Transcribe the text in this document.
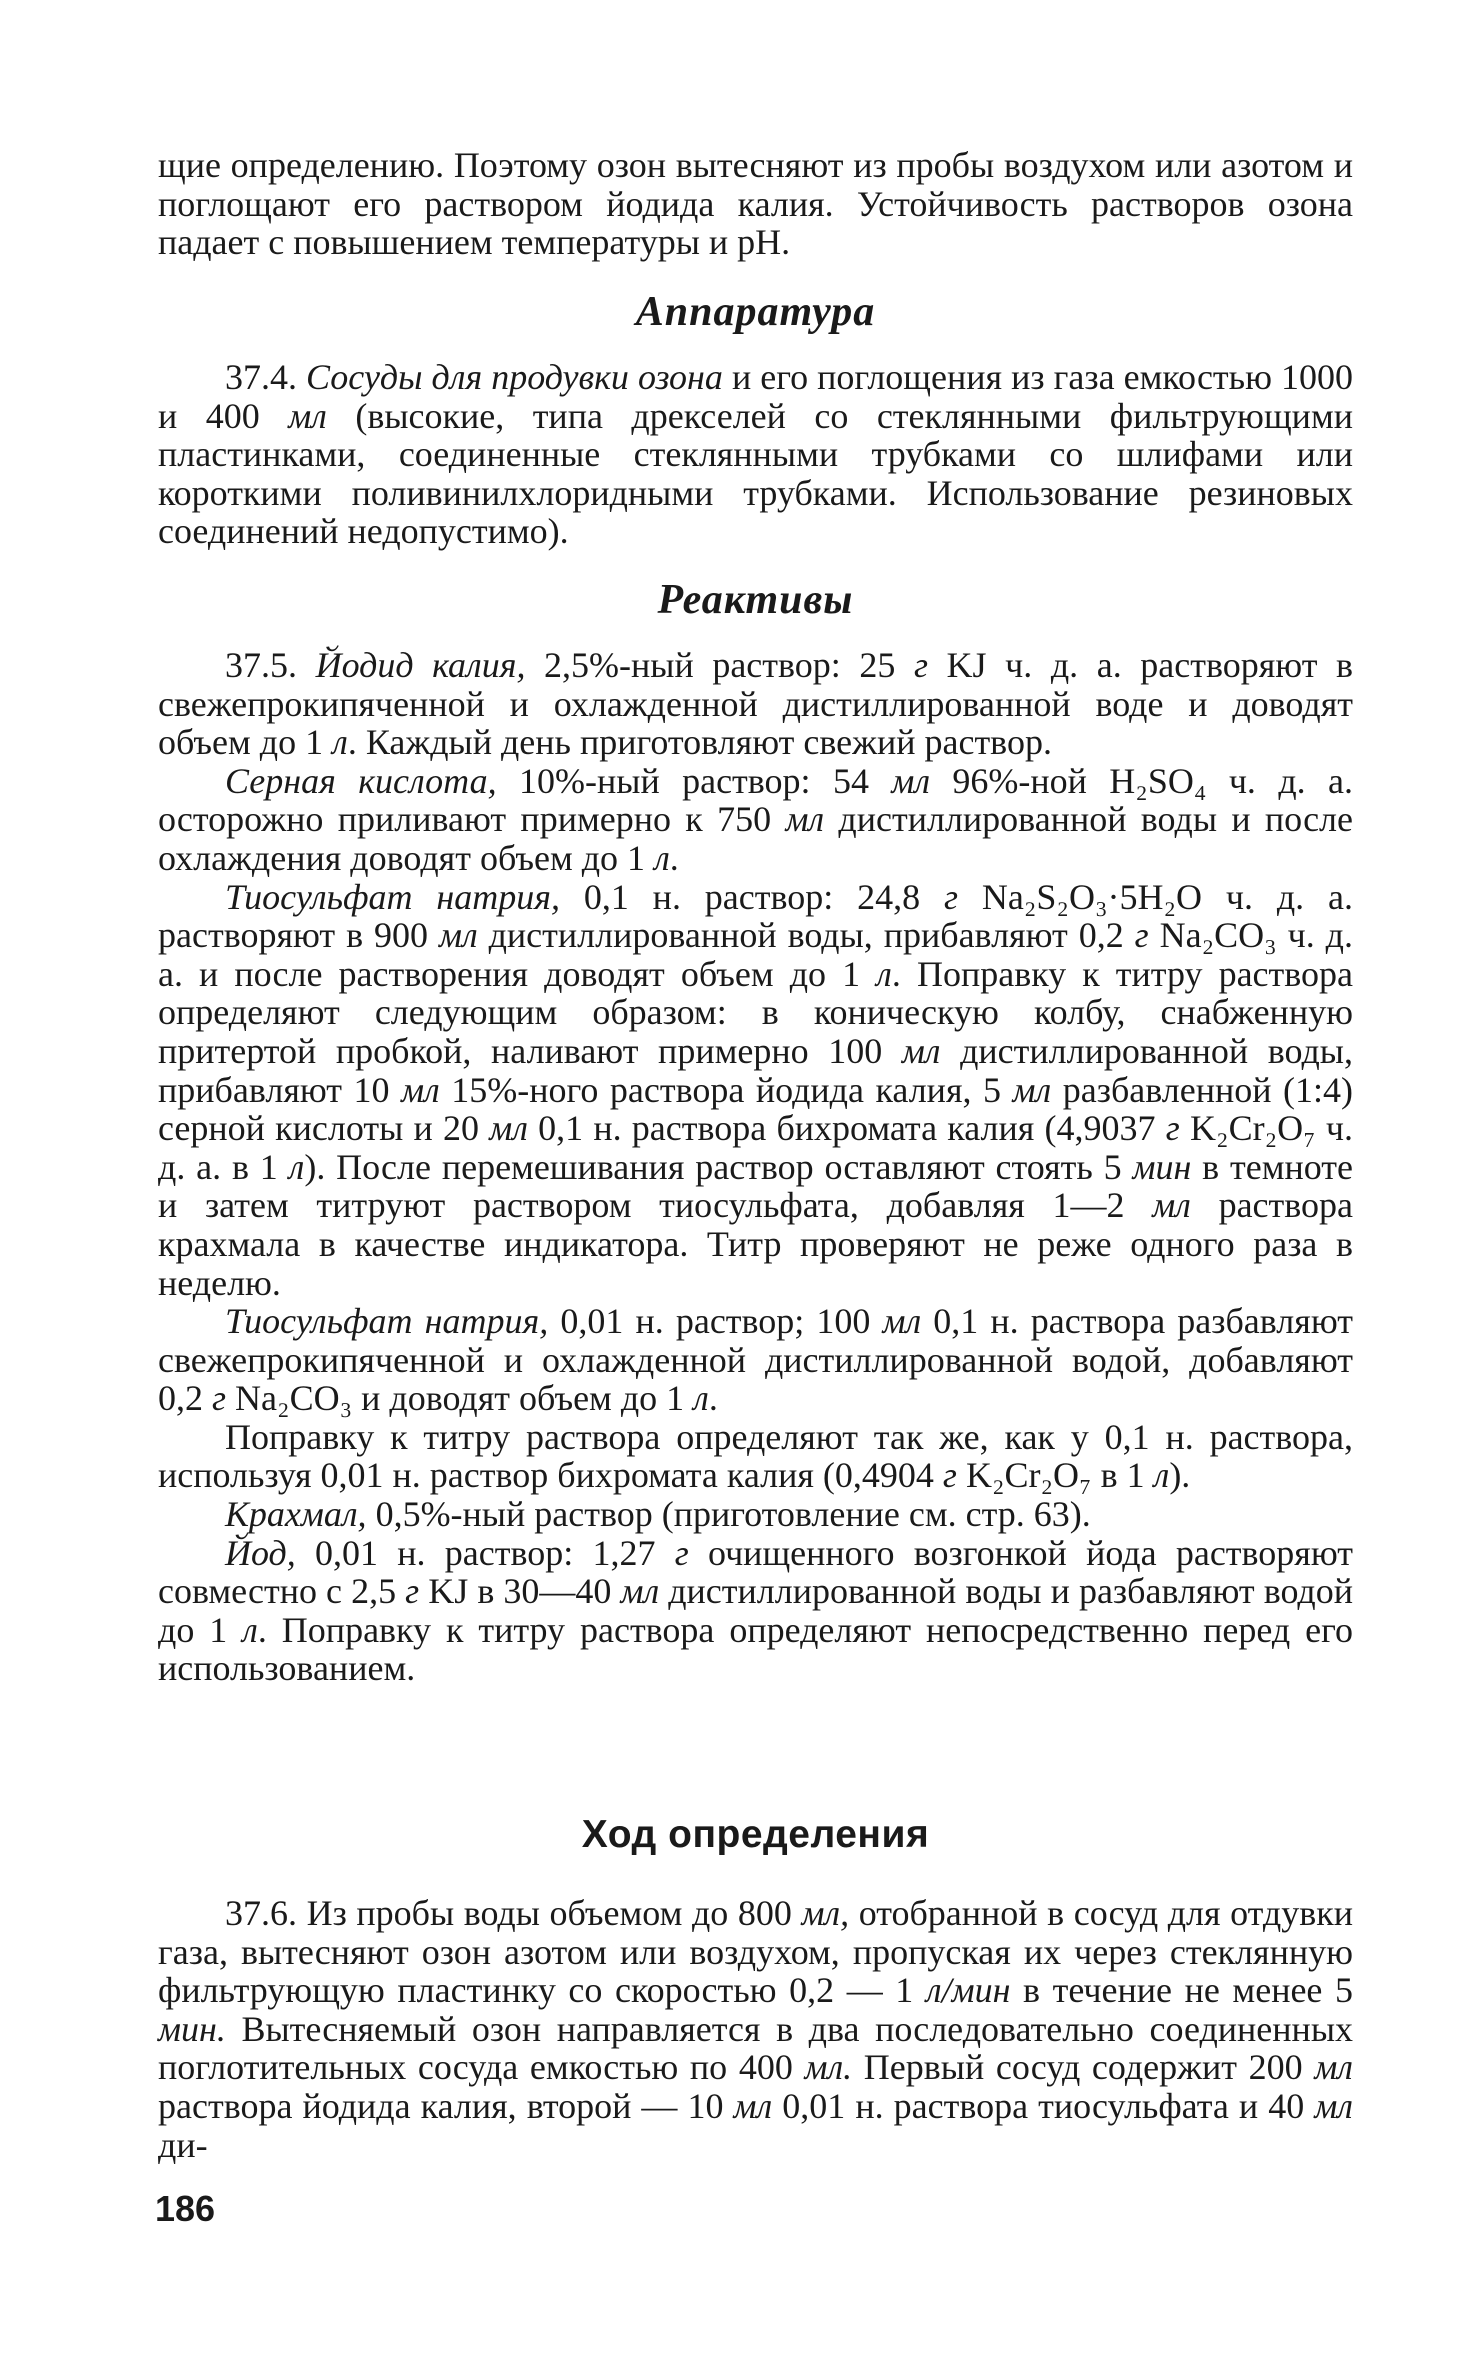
щие определению. Поэтому озон вытесняют из пробы воздухом или азотом и поглощают его раствором йодида калия. Устойчивость растворов озона падает с повышением температуры и pH.

Аппаратура

37.4. Сосуды для продувки озона и его поглощения из газа емкостью 1000 и 400 мл (высокие, типа дрекселей со стеклянными фильтрующими пластинками, соединенные стеклянными трубками со шлифами или короткими поливинилхлоридными трубками. Использование резиновых соединений недопустимо).

Реактивы

37.5. Йодид калия, 2,5%-ный раствор: 25 г KJ ч. д. а. растворяют в свежепрокипяченной и охлажденной дистиллированной воде и доводят объем до 1 л. Каждый день приготовляют свежий раствор.

Серная кислота, 10%-ный раствор: 54 мл 96%-ной H₂SO₄ ч. д. а. осторожно приливают примерно к 750 мл дистиллированной воды и после охлаждения доводят объем до 1 л.

Тиосульфат натрия, 0,1 н. раствор: 24,8 г Na₂S₂O₃·5H₂O ч. д. а. растворяют в 900 мл дистиллированной воды, прибавляют 0,2 г Na₂CO₃ ч. д. а. и после растворения доводят объем до 1 л. Поправку к титру раствора определяют следующим образом: в коническую колбу, снабженную притертой пробкой, наливают примерно 100 мл дистиллированной воды, прибавляют 10 мл 15%-ного раствора йодида калия, 5 мл разбавленной (1:4) серной кислоты и 20 мл 0,1 н. раствора бихромата калия (4,9037 г K₂Cr₂O₇ ч. д. а. в 1 л). После перемешивания раствор оставляют стоять 5 мин в темноте и затем титруют раствором тиосульфата, добавляя 1—2 мл раствора крахмала в качестве индикатора. Титр проверяют не реже одного раза в неделю.

Тиосульфат натрия, 0,01 н. раствор; 100 мл 0,1 н. раствора разбавляют свежепрокипяченной и охлажденной дистиллированной водой, добавляют 0,2 г Na₂CO₃ и доводят объем до 1 л.

Поправку к титру раствора определяют так же, как у 0,1 н. раствора, используя 0,01 н. раствор бихромата калия (0,4904 г K₂Cr₂O₇ в 1 л).

Крахмал, 0,5%-ный раствор (приготовление см. стр. 63).

Йод, 0,01 н. раствор: 1,27 г очищенного возгонкой йода растворяют совместно с 2,5 г KJ в 30—40 мл дистиллированной воды и разбавляют водой до 1 л. Поправку к титру раствора определяют непосредственно перед его использованием.

Ход определения

37.6. Из пробы воды объемом до 800 мл, отобранной в сосуд для отдувки газа, вытесняют озон азотом или воздухом, пропуская их через стеклянную фильтрующую пластинку со скоростью 0,2 — 1 л/мин в течение не менее 5 мин. Вытесняемый озон направляется в два последовательно соединенных поглотительных сосуда емкостью по 400 мл. Первый сосуд содержит 200 мл раствора йодида калия, второй — 10 мл 0,01 н. раствора тиосульфата и 40 мл ди-

186
